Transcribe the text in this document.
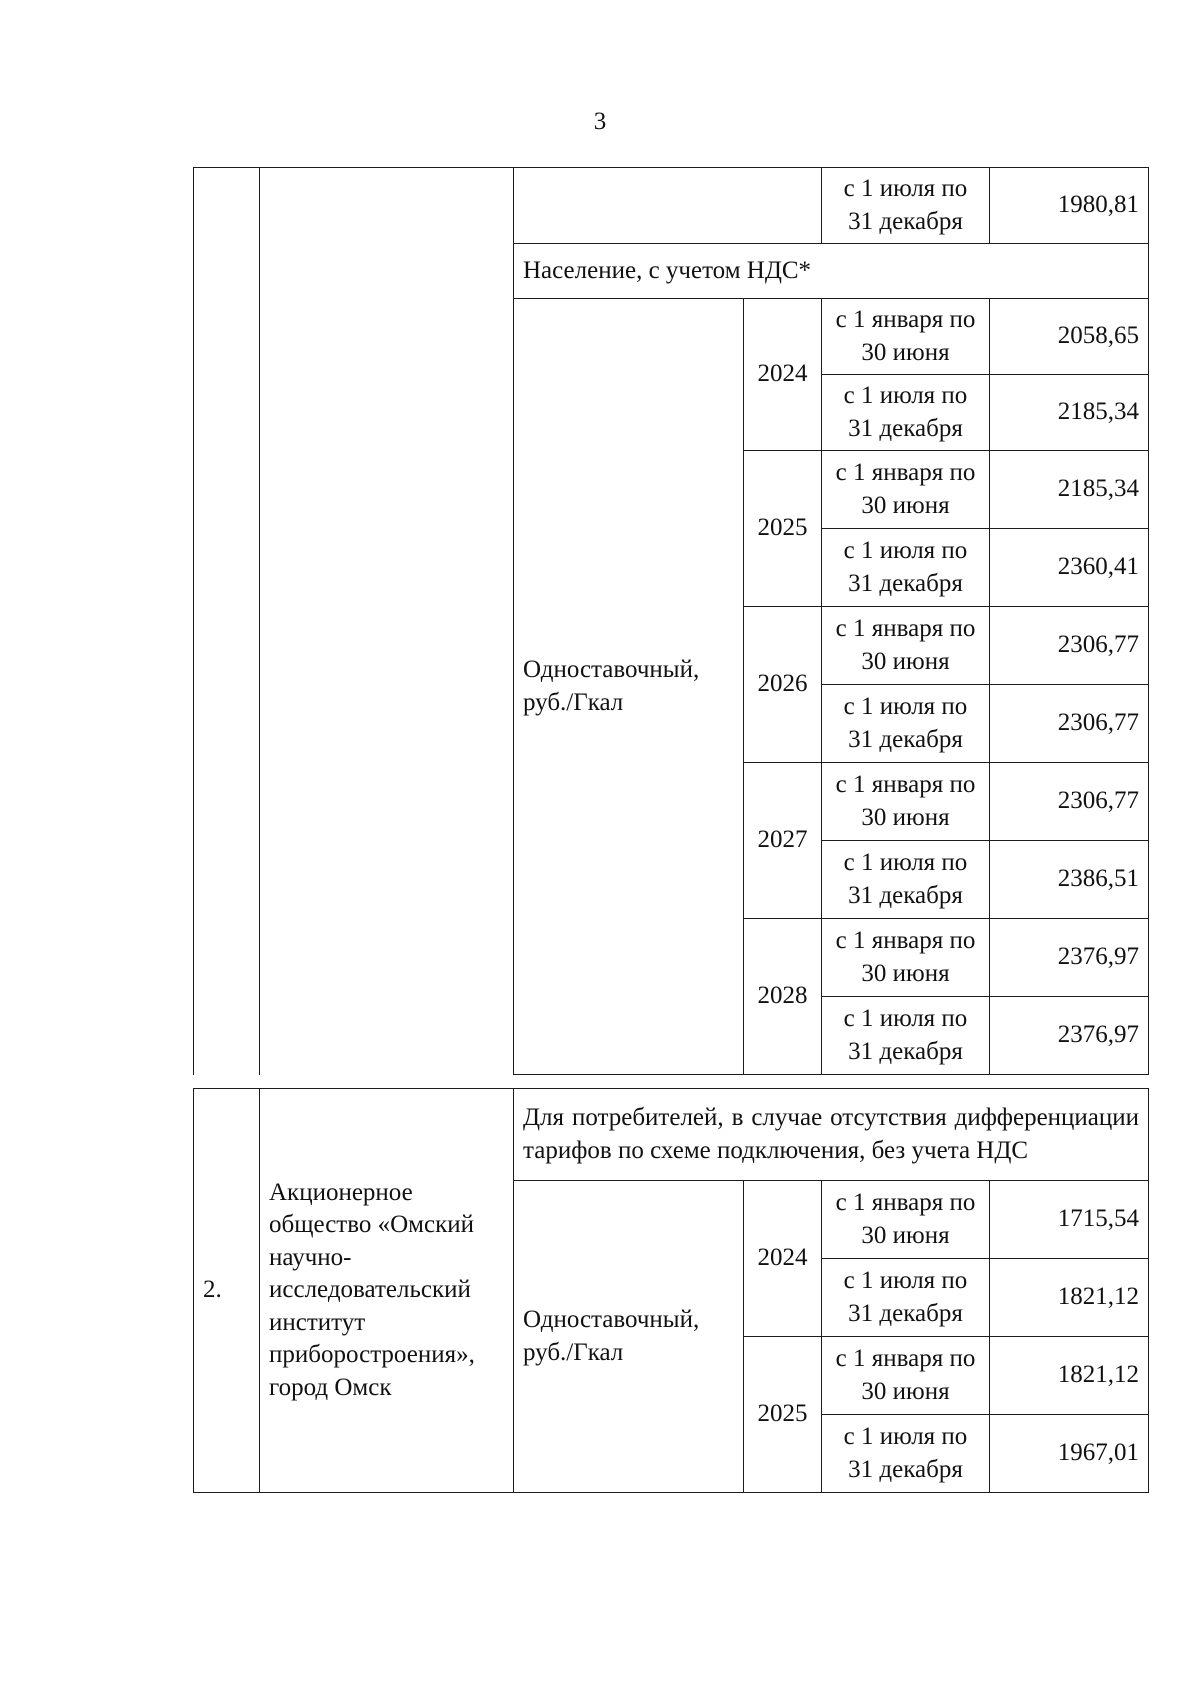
3
				с 1 июля по 31 декабря	1980,81
		Население, с учетом НДС*			
		Одноставочный, руб./Гкал	2024	с 1 января по 30 июня	2058,65
				с 1 июля по 31 декабря	2185,34
			2025	с 1 января по 30 июня	2185,34
				с 1 июля по 31 декабря	2360,41
			2026	с 1 января по 30 июня	2306,77
				с 1 июля по 31 декабря	2306,77
			2027	с 1 января по 30 июня	2306,77
				с 1 июля по 31 декабря	2386,51
			2028	с 1 января по 30 июня	2376,97
				с 1 июля по 31 декабря	2376,97
2.	Акционерное общество «Омский научно-исследовательский институт приборостроения», город Омск	Для потребителей, в случае отсутствия дифференциации тарифов по схеме подключения, без учета НДС			
		Одноставочный, руб./Гкал	2024	с 1 января по 30 июня	1715,54
				с 1 июля по 31 декабря	1821,12
			2025	с 1 января по 30 июня	1821,12
				с 1 июля по 31 декабря	1967,01
